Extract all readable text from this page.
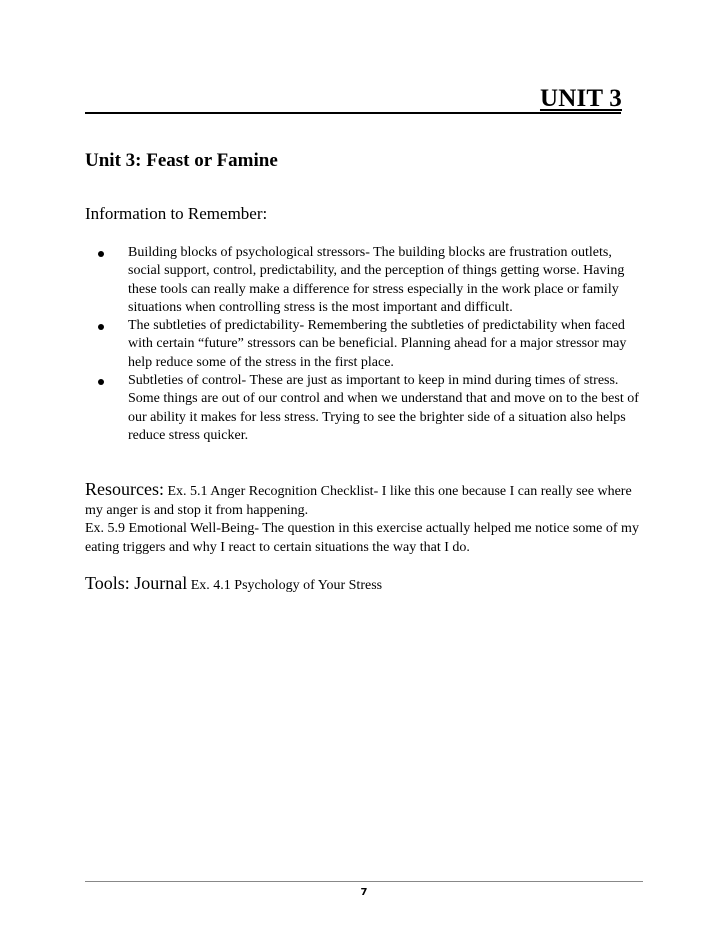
UNIT 3
Unit 3: Feast or Famine

Information to Remember:

Building blocks of psychological stressors- The building blocks are frustration outlets, social support, control, predictability, and the perception of things getting worse. Having these tools can really make a difference for stress especially in the work place or family situations when controlling stress is the most important and difficult.
The subtleties of predictability- Remembering the subtleties of predictability when faced with certain “future” stressors can be beneficial. Planning ahead for a major stressor may help reduce some of the stress in the first place.
Subtleties of control- These are just as important to keep in mind during times of stress. Some things are out of our control and when we understand that and move on to the best of our ability it makes for less stress. Trying to see the brighter side of a situation also helps reduce stress quicker.

Resources: Ex. 5.1 Anger Recognition Checklist- I like this one because I can really see where my anger is and stop it from happening.
Ex. 5.9 Emotional Well-Being- The question in this exercise actually helped me notice some of my eating triggers and why I react to certain situations the way that I do.

Tools: Journal Ex. 4.1 Psychology of Your Stress

7
